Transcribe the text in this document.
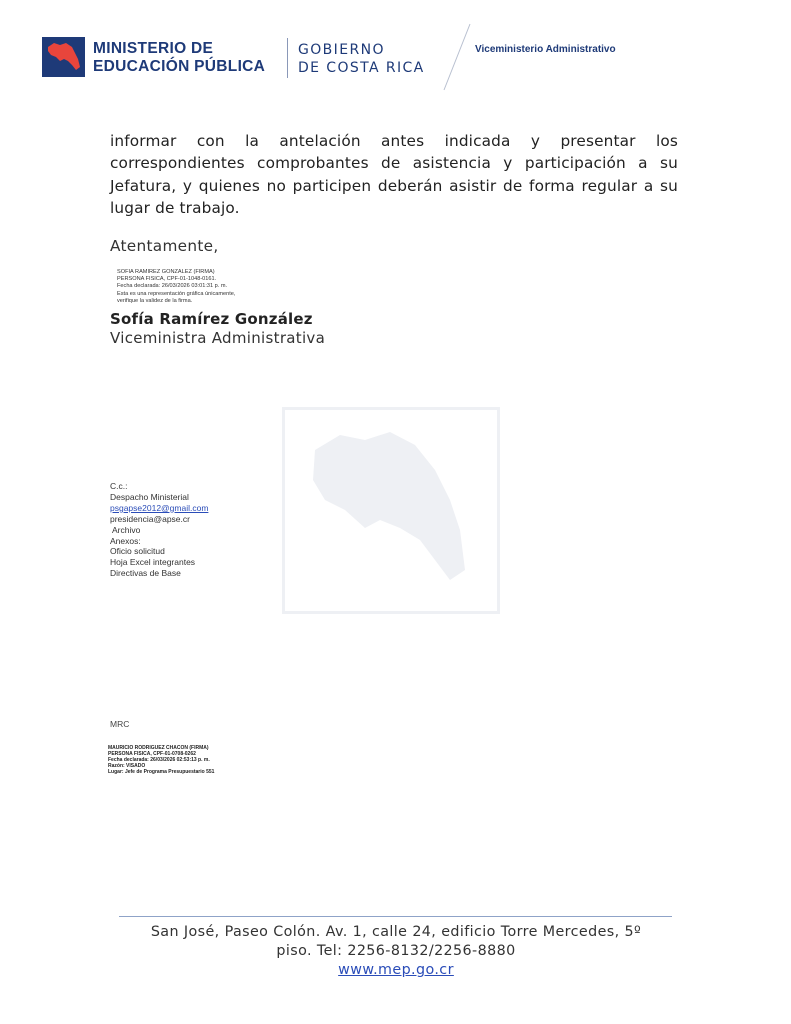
MINISTERIO DE
EDUCACIÓN PÚBLICA
GOBIERNO
DE COSTA RICA
Viceministerio Administrativo
informar con la antelación antes indicada y presentar los correspondientes comprobantes de asistencia y participación a su Jefatura, y quienes no participen deberán asistir de forma regular a su lugar de trabajo.
Atentamente,
SOFIA RAMIREZ GONZALEZ (FIRMA)
PERSONA FISICA, CPF-01-1048-0161.
Fecha declarada: 26/03/2026 03:01:31 p. m.
Esta es una representación gráfica únicamente,
verifique la validez de la firma.
Sofía Ramírez González
Viceministra Administrativa
C.c.:
Despacho Ministerial
psgapse2012@gmail.com
presidencia@apse.cr
Archivo
Anexos:
Oficio solicitud
Hoja Excel integrantes
Directivas de Base
MRC
MAURICIO RODRIGUEZ CHACON (FIRMA)
PERSONA FISICA, CPF-01-0708-0262
Fecha declarada: 26/03/2026 02:53:13 p. m.
Razón: VISADO
Lugar: Jefe de Programa Presupuestario 551
San José, Paseo Colón. Av. 1, calle 24, edificio Torre Mercedes, 5º
piso. Tel: 2256-8132/2256-8880
www.mep.go.cr
